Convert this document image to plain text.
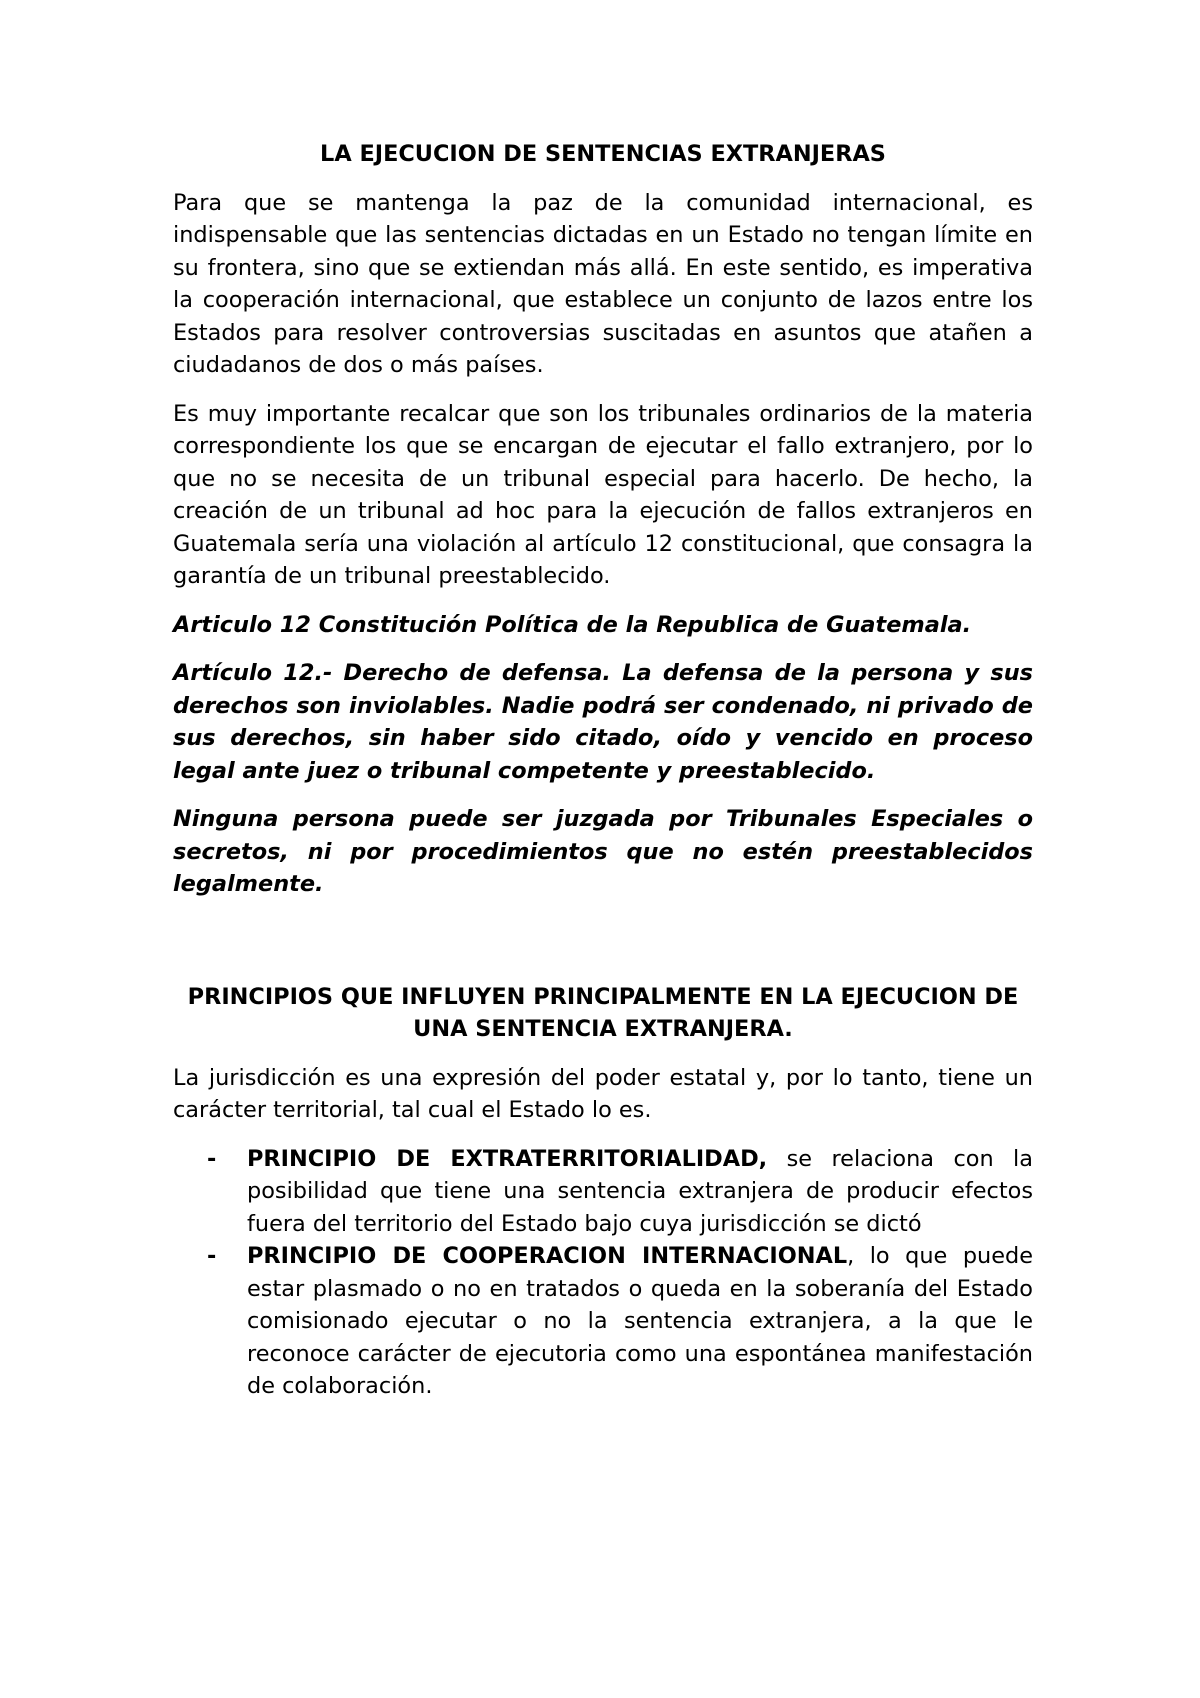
LA EJECUCION DE SENTENCIAS EXTRANJERAS

Para que se mantenga la paz de la comunidad internacional, es indispensable que las sentencias dictadas en un Estado no tengan límite en su frontera, sino que se extiendan más allá. En este sentido, es imperativa la cooperación internacional, que establece un conjunto de lazos entre los Estados para resolver controversias suscitadas en asuntos que atañen a ciudadanos de dos o más países.

Es muy importante recalcar que son los tribunales ordinarios de la materia correspondiente los que se encargan de ejecutar el fallo extranjero, por lo que no se necesita de un tribunal especial para hacerlo. De hecho, la creación de un tribunal ad hoc para la ejecución de fallos extranjeros en Guatemala sería una violación al artículo 12 constitucional, que consagra la garantía de un tribunal preestablecido.

Articulo 12 Constitución Política de la Republica de Guatemala.

Artículo 12.- Derecho de defensa. La defensa de la persona y sus derechos son inviolables. Nadie podrá ser condenado, ni privado de sus derechos, sin haber sido citado, oído y vencido en proceso legal ante juez o tribunal competente y preestablecido.

Ninguna persona puede ser juzgada por Tribunales Especiales o secretos, ni por procedimientos que no estén preestablecidos legalmente.

PRINCIPIOS QUE INFLUYEN PRINCIPALMENTE EN LA EJECUCION DE UNA SENTENCIA EXTRANJERA.

La jurisdicción es una expresión del poder estatal y, por lo tanto, tiene un carácter territorial, tal cual el Estado lo es.

- PRINCIPIO DE EXTRATERRITORIALIDAD, se relaciona con la posibilidad que tiene una sentencia extranjera de producir efectos fuera del territorio del Estado bajo cuya jurisdicción se dictó
- PRINCIPIO DE COOPERACION INTERNACIONAL, lo que puede estar plasmado o no en tratados o queda en la soberanía del Estado comisionado ejecutar o no la sentencia extranjera, a la que le reconoce carácter de ejecutoria como una espontánea manifestación de colaboración.
